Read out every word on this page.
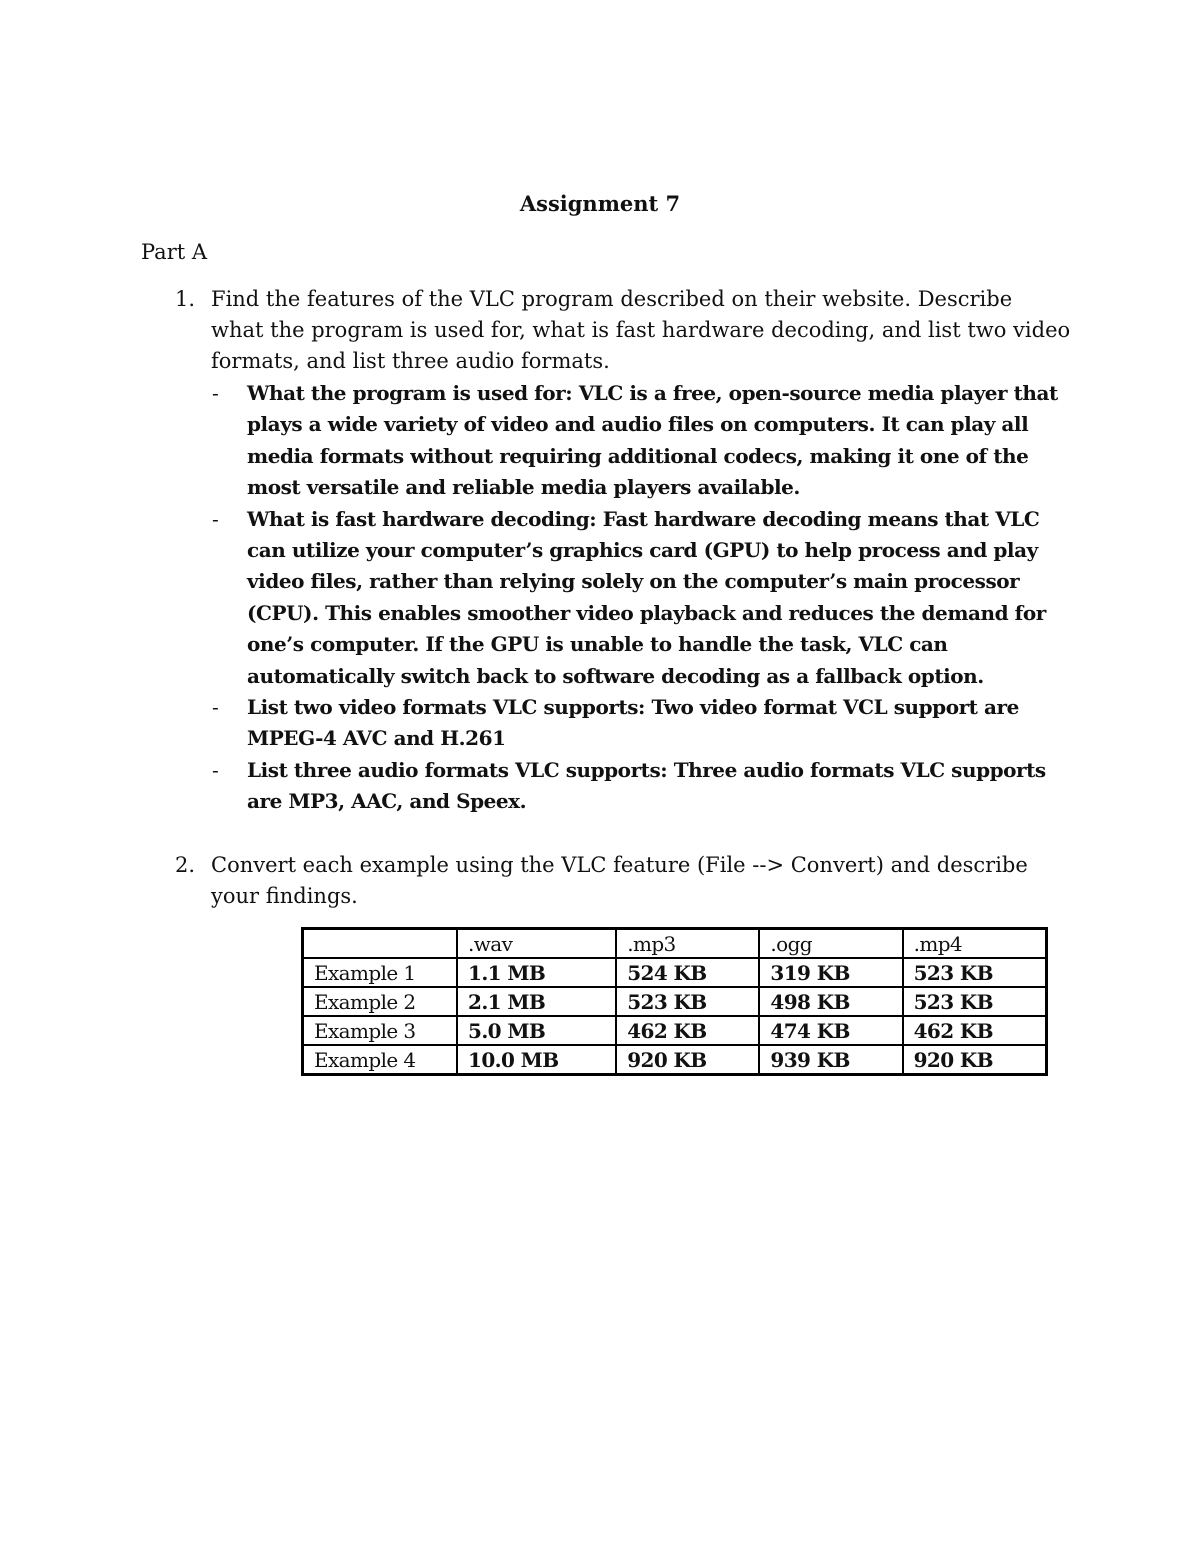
Assignment 7
Part A
1. Find the features of the VLC program described on their website. Describe what the program is used for, what is fast hardware decoding, and list two video formats, and list three audio formats.
- What the program is used for: VLC is a free, open-source media player that plays a wide variety of video and audio files on computers. It can play all media formats without requiring additional codecs, making it one of the most versatile and reliable media players available.
- What is fast hardware decoding: Fast hardware decoding means that VLC can utilize your computer’s graphics card (GPU) to help process and play video files, rather than relying solely on the computer’s main processor (CPU). This enables smoother video playback and reduces the demand for one’s computer. If the GPU is unable to handle the task, VLC can automatically switch back to software decoding as a fallback option.
- List two video formats VLC supports: Two video format VCL support are MPEG-4 AVC and H.261
- List three audio formats VLC supports: Three audio formats VLC supports are MP3, AAC, and Speex.
2. Convert each example using the VLC feature (File --> Convert) and describe your findings.
	.wav	.mp3	.ogg	.mp4
Example 1	1.1 MB	524 KB	319 KB	523 KB
Example 2	2.1 MB	523 KB	498 KB	523 KB
Example 3	5.0 MB	462 KB	474 KB	462 KB
Example 4	10.0 MB	920 KB	939 KB	920 KB
